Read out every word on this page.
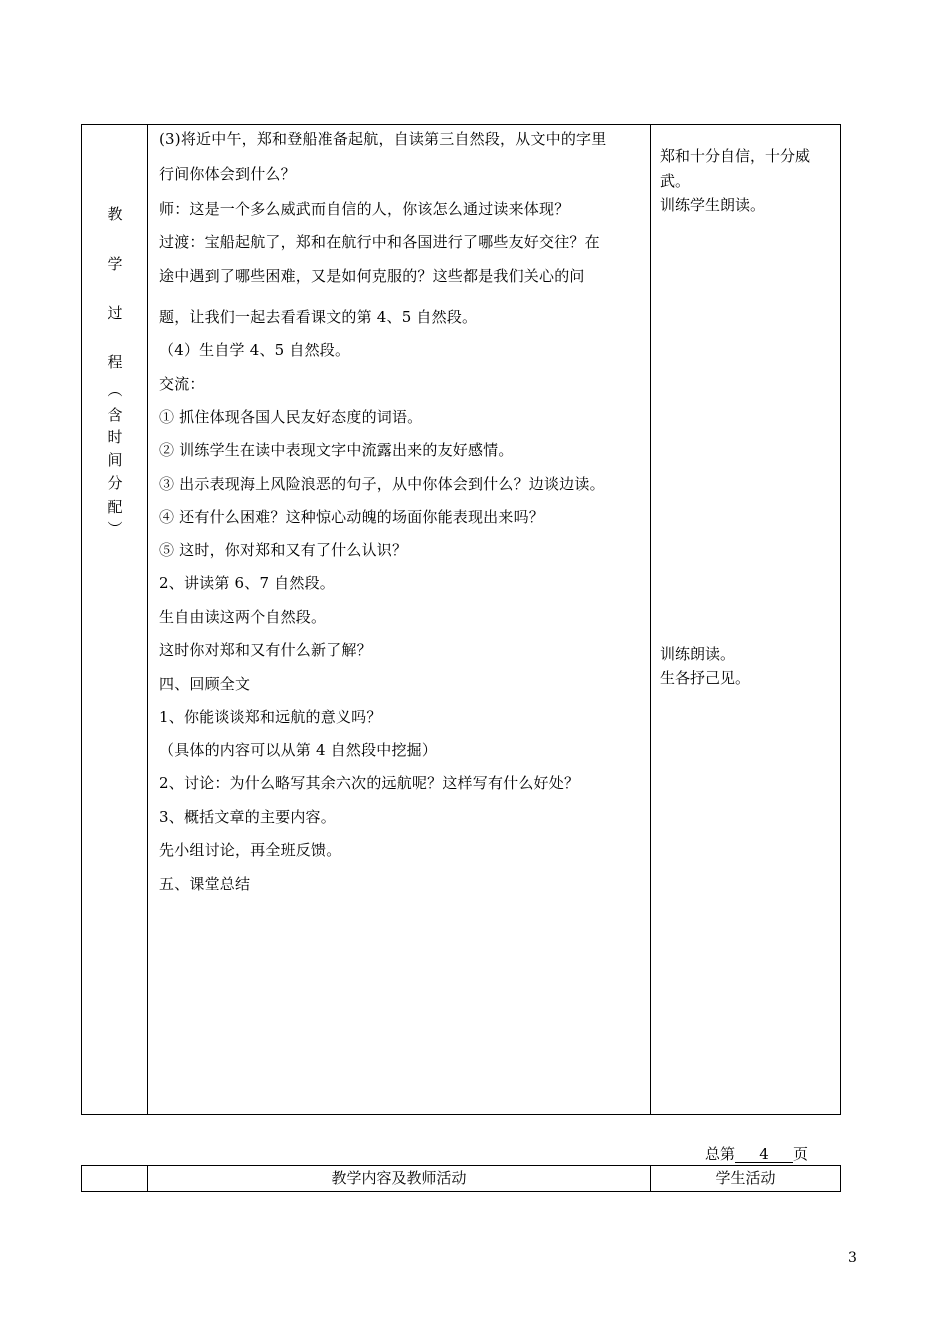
教
学
过
程
︵
含
时
间
分
配
︶
(3)将近中午，郑和登船准备起航，自读第三自然段，从文中的字里
行间你体会到什么？
师：这是一个多么威武而自信的人，你该怎么通过读来体现？
过渡：宝船起航了，郑和在航行中和各国进行了哪些友好交往？在
途中遇到了哪些困难，又是如何克服的？这些都是我们关心的问
题，让我们一起去看看课文的第 4、5 自然段。
（4）生自学 4、5 自然段。
交流：
① 抓住体现各国人民友好态度的词语。
② 训练学生在读中表现文字中流露出来的友好感情。
③ 出示表现海上风险浪恶的句子，从中你体会到什么？边谈边读。
④ 还有什么困难？这种惊心动魄的场面你能表现出来吗？
⑤ 这时，你对郑和又有了什么认识？
2、讲读第 6、7 自然段。
生自由读这两个自然段。
这时你对郑和又有什么新了解？
四、回顾全文
1、你能谈谈郑和远航的意义吗？
（具体的内容可以从第 4 自然段中挖掘）
2、讨论：为什么略写其余六次的远航呢？这样写有什么好处？
3、概括文章的主要内容。
先小组讨论，再全班反馈。
五、课堂总结
郑和十分自信，十分威
武。
训练学生朗读。
训练朗读。
生各抒己见。
总第 4 页
教学内容及教师活动	学生活动
3
